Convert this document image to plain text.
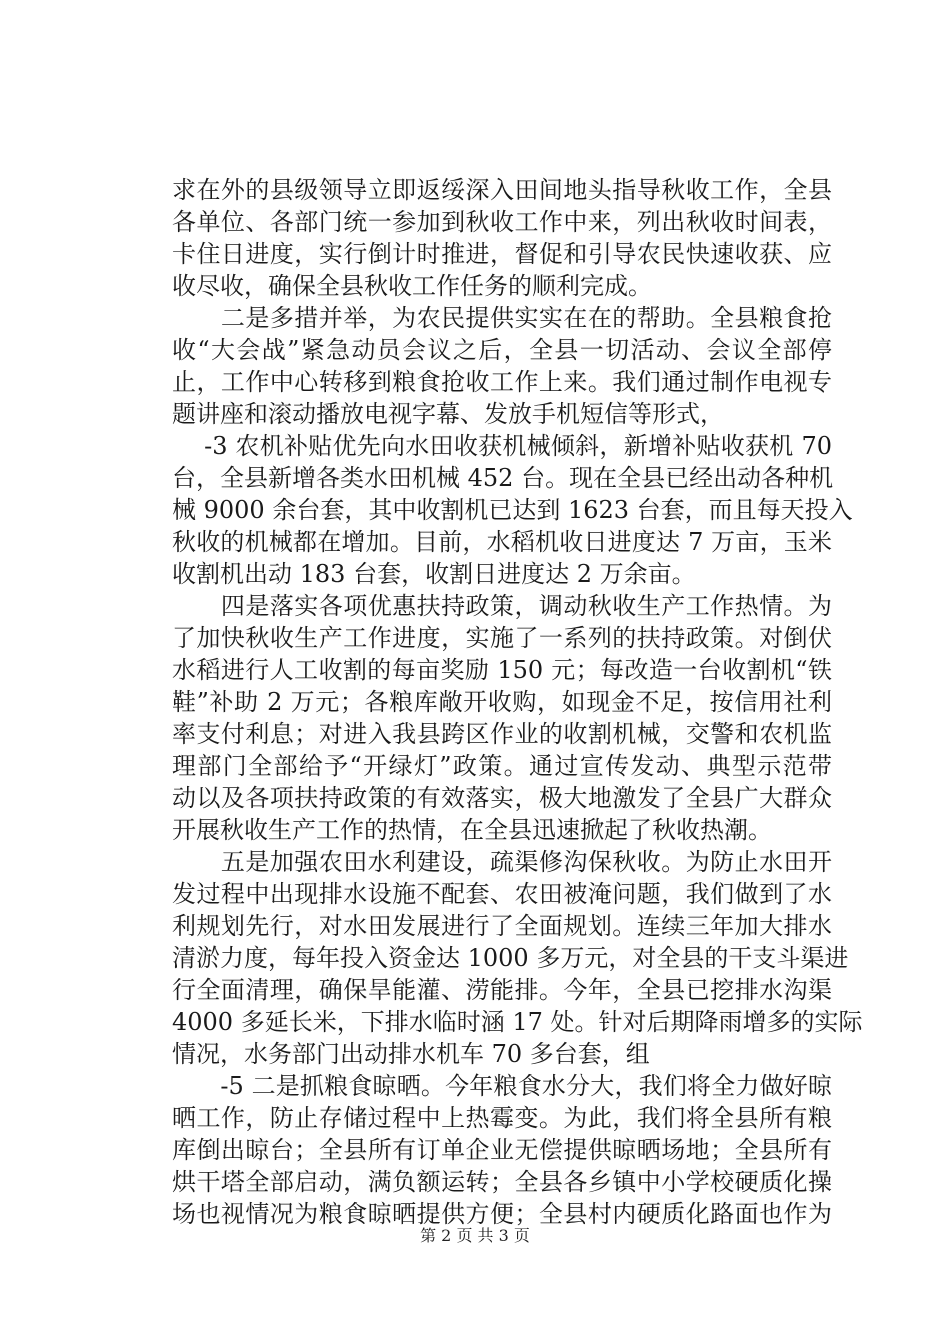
求在外的县级领导立即返绥深入田间地头指导秋收工作，全县
各单位、各部门统一参加到秋收工作中来，列出秋收时间表，
卡住日进度，实行倒计时推进，督促和引导农民快速收获、应
收尽收，确保全县秋收工作任务的顺利完成。
　　二是多措并举，为农民提供实实在在的帮助。全县粮食抢
收“大会战”紧急动员会议之后，全县一切活动、会议全部停
止，工作中心转移到粮食抢收工作上来。我们通过制作电视专
题讲座和滚动播放电视字幕、发放手机短信等形式，
　 -3 农机补贴优先向水田收获机械倾斜，新增补贴收获机 70
台，全县新增各类水田机械 452 台。现在全县已经出动各种机
械 9000 余台套，其中收割机已达到 1623 台套，而且每天投入
秋收的机械都在增加。目前，水稻机收日进度达 7 万亩，玉米
收割机出动 183 台套，收割日进度达 2 万余亩。
　　四是落实各项优惠扶持政策，调动秋收生产工作热情。为
了加快秋收生产工作进度，实施了一系列的扶持政策。对倒伏
水稻进行人工收割的每亩奖励 150 元；每改造一台收割机“铁
鞋”补助 2 万元；各粮库敞开收购，如现金不足，按信用社利
率支付利息；对进入我县跨区作业的收割机械，交警和农机监
理部门全部给予“开绿灯”政策。通过宣传发动、典型示范带
动以及各项扶持政策的有效落实，极大地激发了全县广大群众
开展秋收生产工作的热情，在全县迅速掀起了秋收热潮。
　　五是加强农田水利建设，疏渠修沟保秋收。为防止水田开
发过程中出现排水设施不配套、农田被淹问题，我们做到了水
利规划先行，对水田发展进行了全面规划。连续三年加大排水
清淤力度，每年投入资金达 1000 多万元，对全县的干支斗渠进
行全面清理，确保旱能灌、涝能排。今年，全县已挖排水沟渠
4000 多延长米，下排水临时涵 17 处。针对后期降雨增多的实际
情况，水务部门出动排水机车 70 多台套，组
　　-5 二是抓粮食晾晒。今年粮食水分大，我们将全力做好晾
晒工作，防止存储过程中上热霉变。为此，我们将全县所有粮
库倒出晾台；全县所有订单企业无偿提供晾晒场地；全县所有
烘干塔全部启动，满负额运转；全县各乡镇中小学校硬质化操
场也视情况为粮食晾晒提供方便；全县村内硬质化路面也作为
第 2 页 共 3 页
